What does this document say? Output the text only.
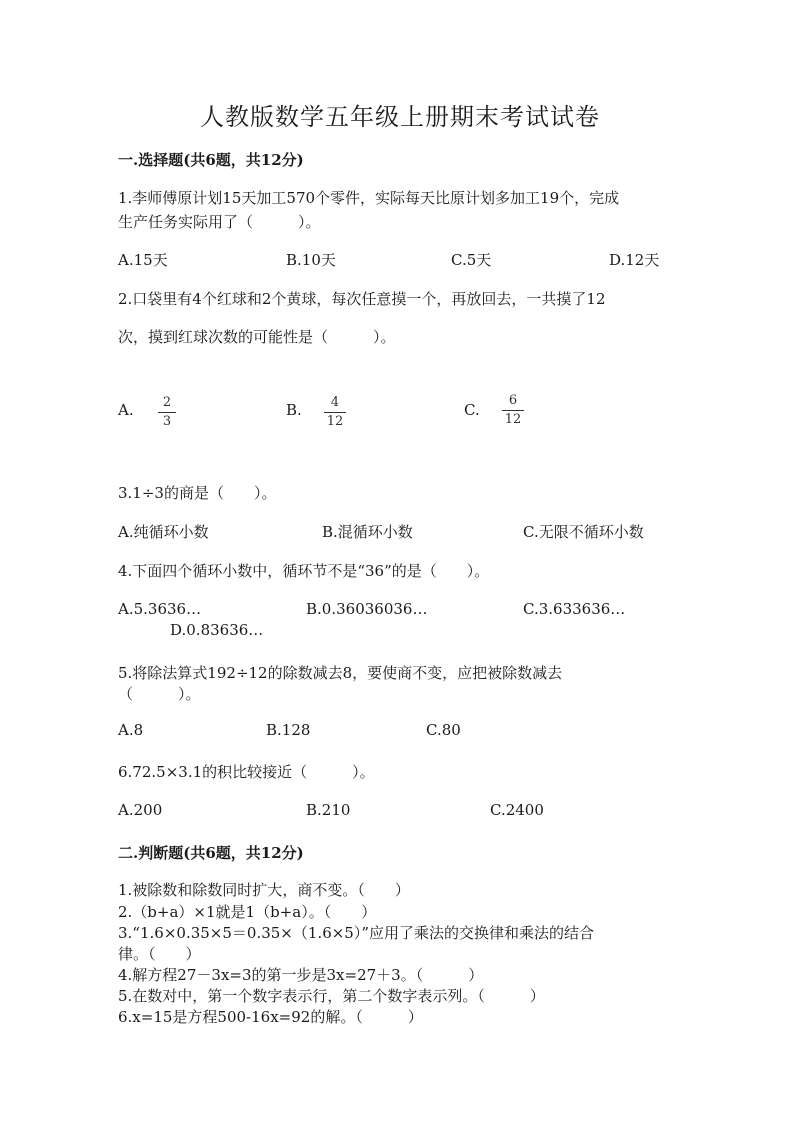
人教版数学五年级上册期末考试试卷
一.选择题(共6题，共12分)
1.李师傅原计划15天加工570个零件，实际每天比原计划多加工19个，完成
生产任务实际用了（　　　）。
A.15天	B.10天	C.5天	D.12天
2.口袋里有4个红球和2个黄球，每次任意摸一个，再放回去，一共摸了12
次，摸到红球次数的可能性是（　　　）。
A.	2
3
B.	4
12
C.
6
12
3.1÷3的商是（　　）。
A.纯循环小数	B.混循环小数	C.无限不循环小数
4.下面四个循环小数中，循环节不是“36”的是（　　）。
A.5.3636…	B.0.36036036…	C.3.633636…
D.0.83636…
5.将除法算式192÷12的除数减去8，要使商不变，应把被除数减去
（　　　）。
A.8	B.128	C.80
6.72.5×3.1的积比较接近（　　　）。
A.200	B.210	C.2400
二.判断题(共6题，共12分)
1.被除数和除数同时扩大，商不变。（　　）
2.（b+a）×1就是1（b+a）。（　　）
3.“1.6×0.35×5＝0.35×（1.6×5）”应用了乘法的交换律和乘法的结合
律。（　　）
4.解方程27－3x=3的第一步是3x=27＋3。（　　　）
5.在数对中，第一个数字表示行，第二个数字表示列。（　　　）
6.x=15是方程500-16x=92的解。（　　　）
